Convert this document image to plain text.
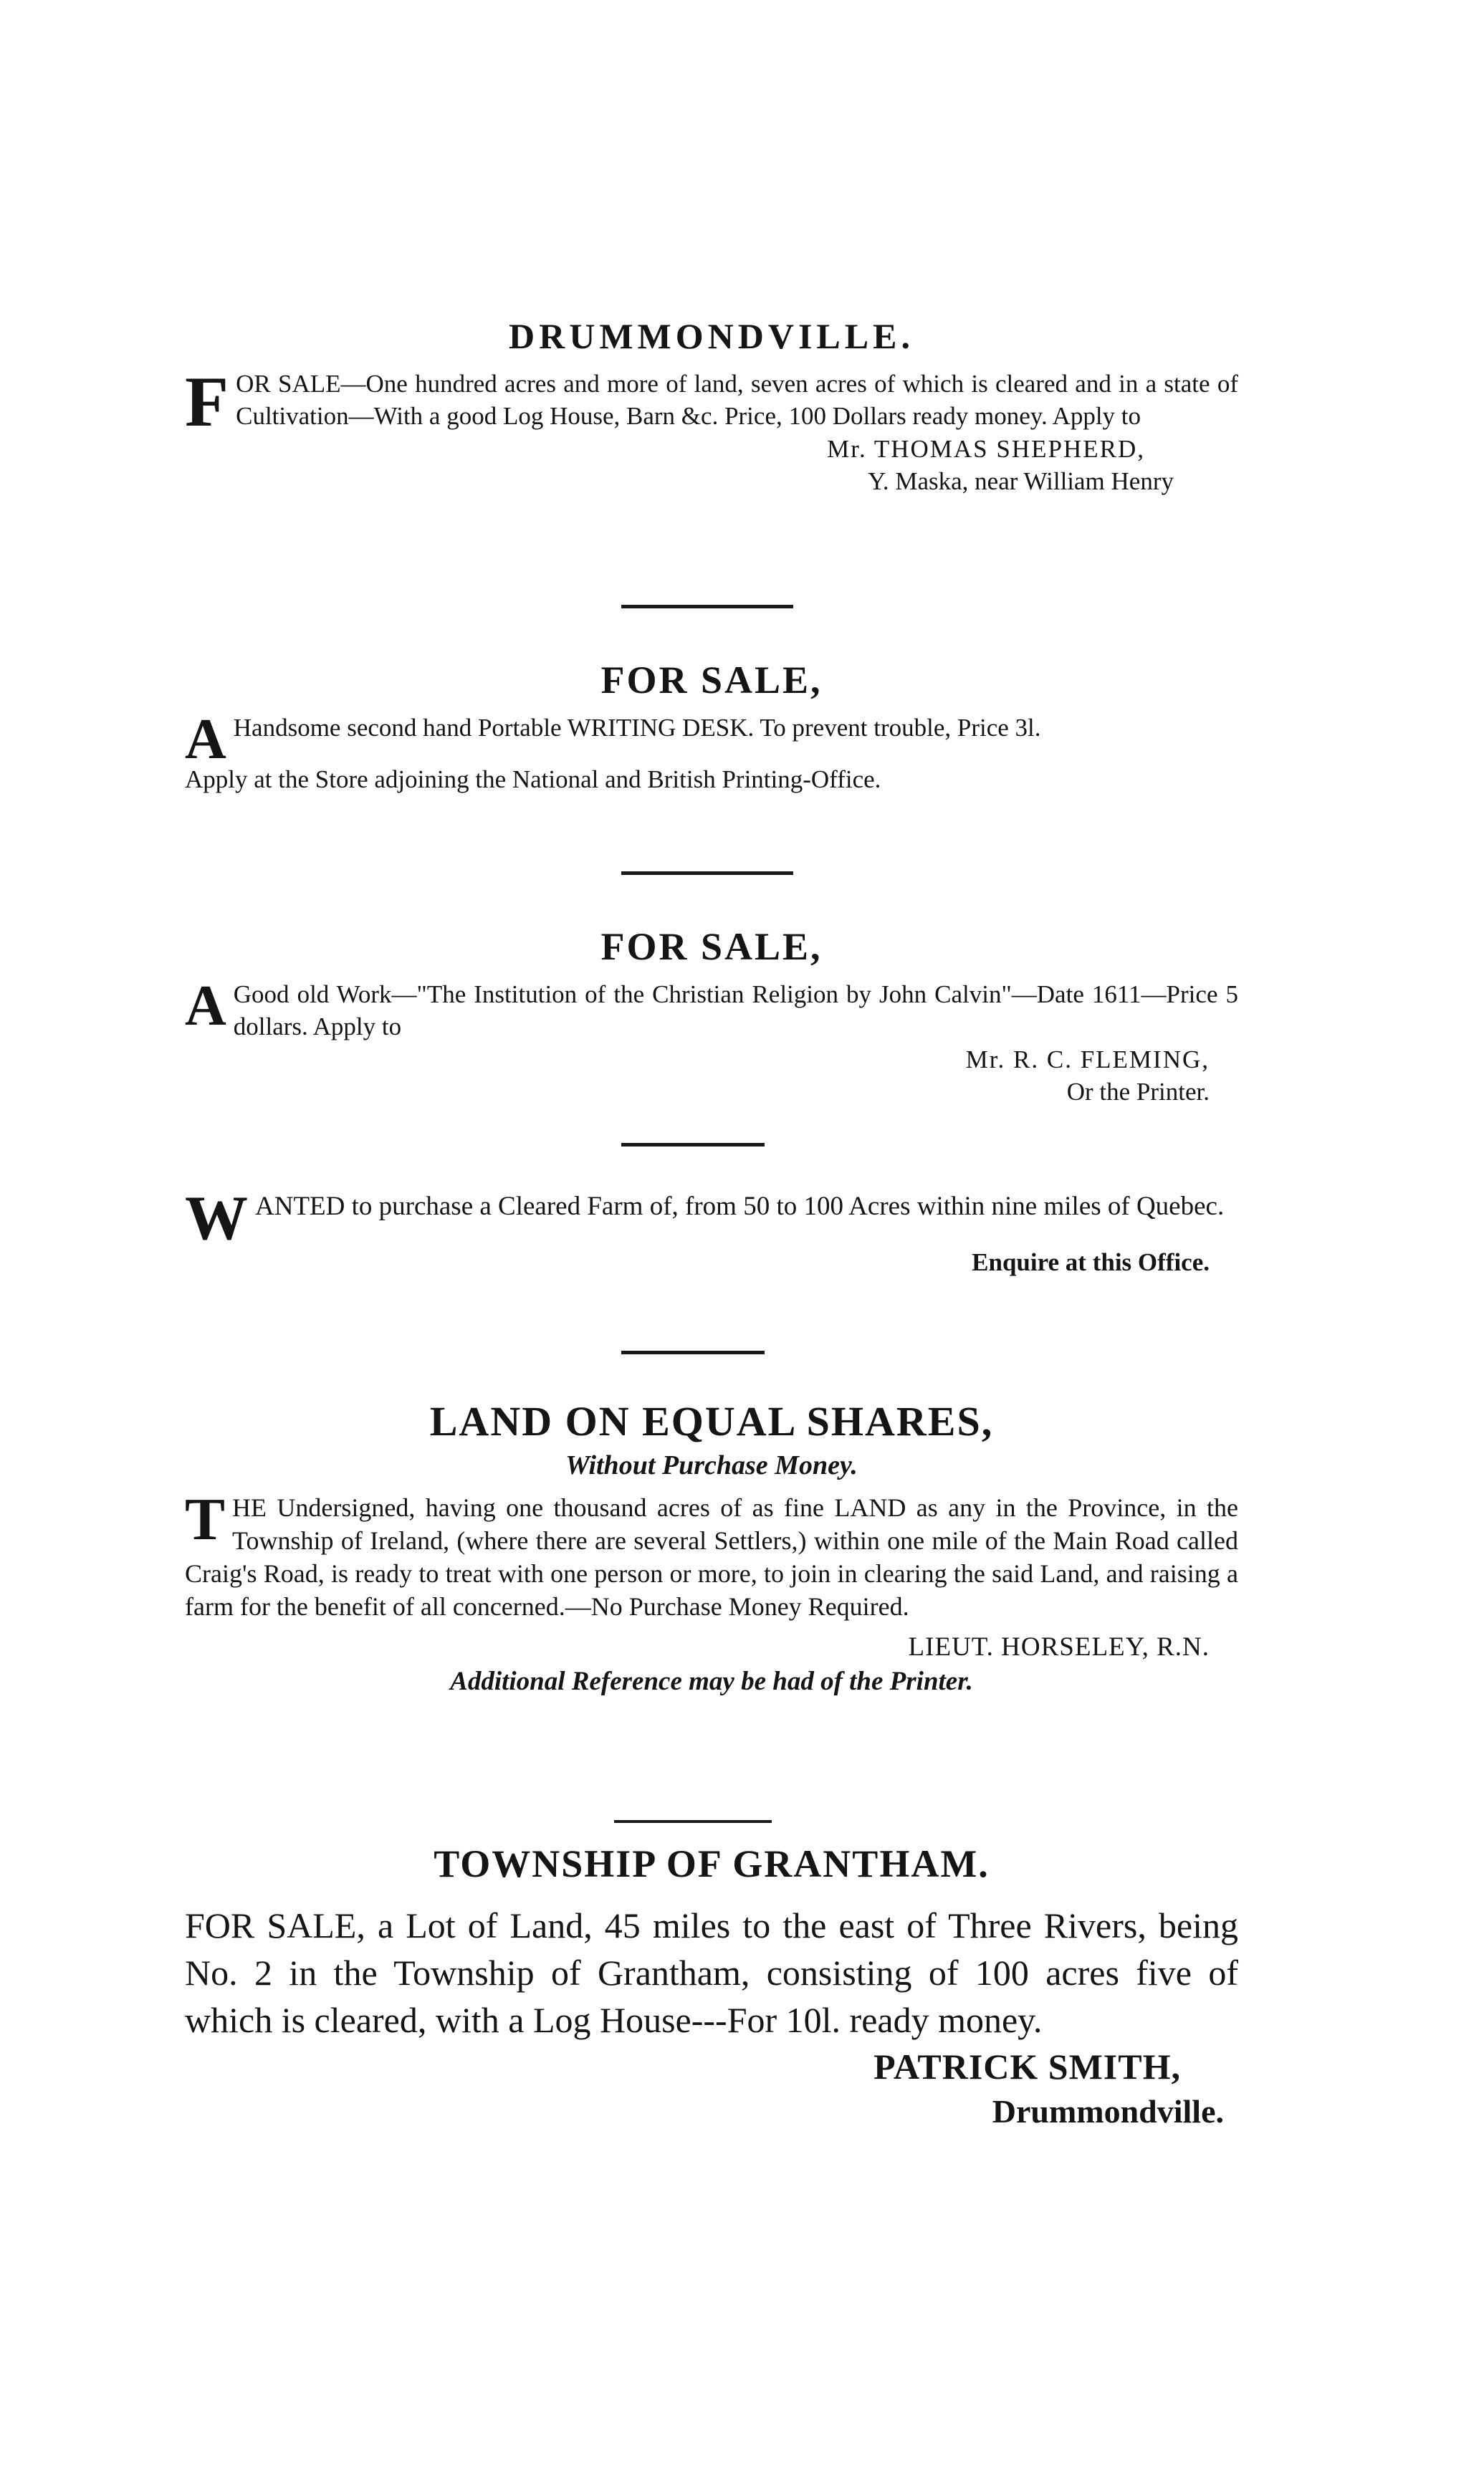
DRUMMONDVILLE.

FOR SALE—One hundred acres and more of land, seven acres of which is cleared and in a state of Cultivation—With a good Log House, Barn &c. Price, 100 Dollars ready money. Apply to

Mr. THOMAS SHEPHERD,
Y. Maska, near William Henry
FOR SALE,

A Handsome second hand Portable WRITING DESK. To prevent trouble, Price 3l.

Apply at the Store adjoining the National and British Printing-Office.

FOR SALE,

A Good old Work—"The Institution of the Christian Religion by John Calvin"—Date 1611—Price 5 dollars. Apply to

Mr. R. C. FLEMING,
Or the Printer.

WANTED to purchase a Cleared Farm of, from 50 to 100 Acres within nine miles of Quebec.

Enquire at this Office.
LAND ON EQUAL SHARES,

Without Purchase Money.

THE Undersigned, having one thousand acres of as fine LAND as any in the Province, in the Township of Ireland, (where there are several Settlers,) within one mile of the Main Road called Craig's Road, is ready to treat with one person or more, to join in clearing the said Land, and raising a farm for the benefit of all concerned.—No Purchase Money Required.

LIEUT. HORSELEY, R.N.
Additional Reference may be had of the Printer.
TOWNSHIP OF GRANTHAM.

FOR SALE, a Lot of Land, 45 miles to the east of Three Rivers, being No. 2 in the Township of Grantham, consisting of 100 acres five of which is cleared, with a Log House---For 10l. ready money.

PATRICK SMITH,
Drummondville.
